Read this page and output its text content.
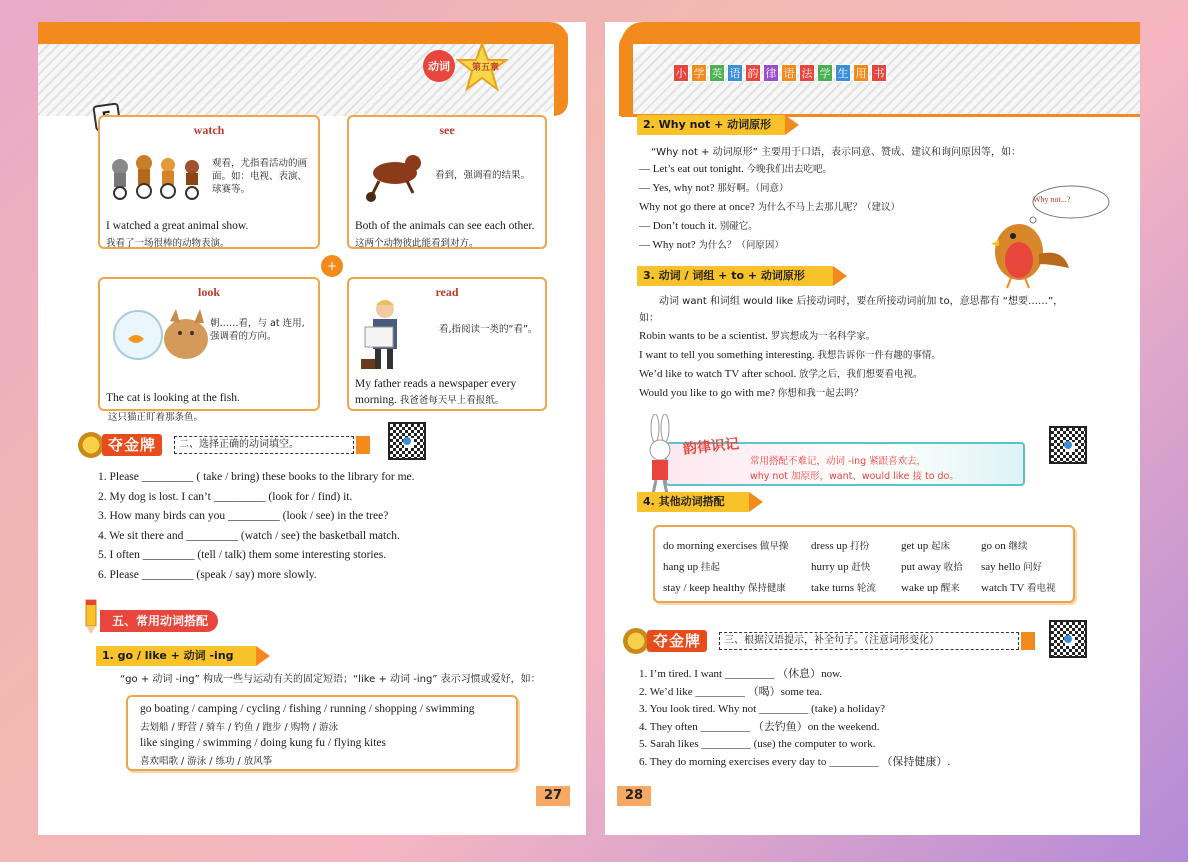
动词	第五章
watch
观看，尤指看活动的画
面。如：电视、表演、
球赛等。
I watched a great animal show.
我看了一场很棒的动物表演。
see
看到，强调看的结果。
Both of the animals can see each other.
这两个动物彼此能看到对方。
+
look
朝……看，与 at 连用,
强调看的方向。
The cat is looking at the fish.
这只猫正盯着那条鱼。
read
看,指阅读一类的“看”。
My father reads a newspaper every
morning. 我爸爸每天早上看报纸。
夺金牌	二、选择正确的动词填空。
1. Please _________ ( take / bring) these books to the library for me.
2. My dog is lost. I can’t _________ (look for / find) it.
3. How many birds can you _________ (look / see) in the tree?
4. We sit there and _________ (watch / see) the basketball match.
5. I often _________ (tell / talk) them some interesting stories.
6. Please _________ (speak / say) more slowly.
五、常用动词搭配
1. go / like + 动词 -ing
“go + 动词 -ing” 构成一些与运动有关的固定短语；“like + 动词 -ing” 表示习惯或爱好，如：
go boating / camping / cycling / fishing / running / shopping / swimming
去划船 / 野营 / 骑车 / 钓鱼 / 跑步 / 购物 / 游泳
like singing / swimming / doing kung fu / flying kites
喜欢唱歌 / 游泳 / 练功 / 放风筝
27
小 学 英 语 韵 律 语 法 学 生 用 书
2. Why not + 动词原形
“Why not + 动词原形” 主要用于口语，表示同意、赞成、建议和询问原因等，如：
— Let’s eat out tonight. 今晚我们出去吃吧。
— Yes, why not? 那好啊。（同意）
Why not go there at once? 为什么不马上去那儿呢？（建议）
— Don’t touch it. 别碰它。
— Why not? 为什么？（问原因）
Why not...?
3. 动词 / 词组 + to + 动词原形
动词 want 和词组 would like 后接动词时，要在所接动词前加 to，意思都有 “想要……”，
如：
Robin wants to be a scientist. 罗宾想成为一名科学家。
I want to tell you something interesting. 我想告诉你一件有趣的事情。
We’d like to watch TV after school. 放学之后，我们想要看电视。
Would you like to go with me? 你想和我一起去吗？
韵律识记
常用搭配不难记，动词 -ing 紧跟喜欢去，
why not 加原形，want、would like 接 to do。
4. 其他动词搭配
do morning exercises 做早操	dress up 打扮	get up 起床	go on 继续
hang up 挂起	hurry up 赶快	put away 收拾	say hello 问好
stay / keep healthy 保持健康	take turns 轮流	wake up 醒来	watch TV 看电视
夺金牌	三、根据汉语提示，补全句子。（注意词形变化）
1. I’m tired. I want _________ （休息）now.
2. We’d like _________ （喝）some tea.
3. You look tired. Why not _________ (take) a holiday?
4. They often _________ （去钓鱼）on the weekend.
5. Sarah likes _________ (use) the computer to work.
6. They do morning exercises every day to _________ （保持健康）.
28
